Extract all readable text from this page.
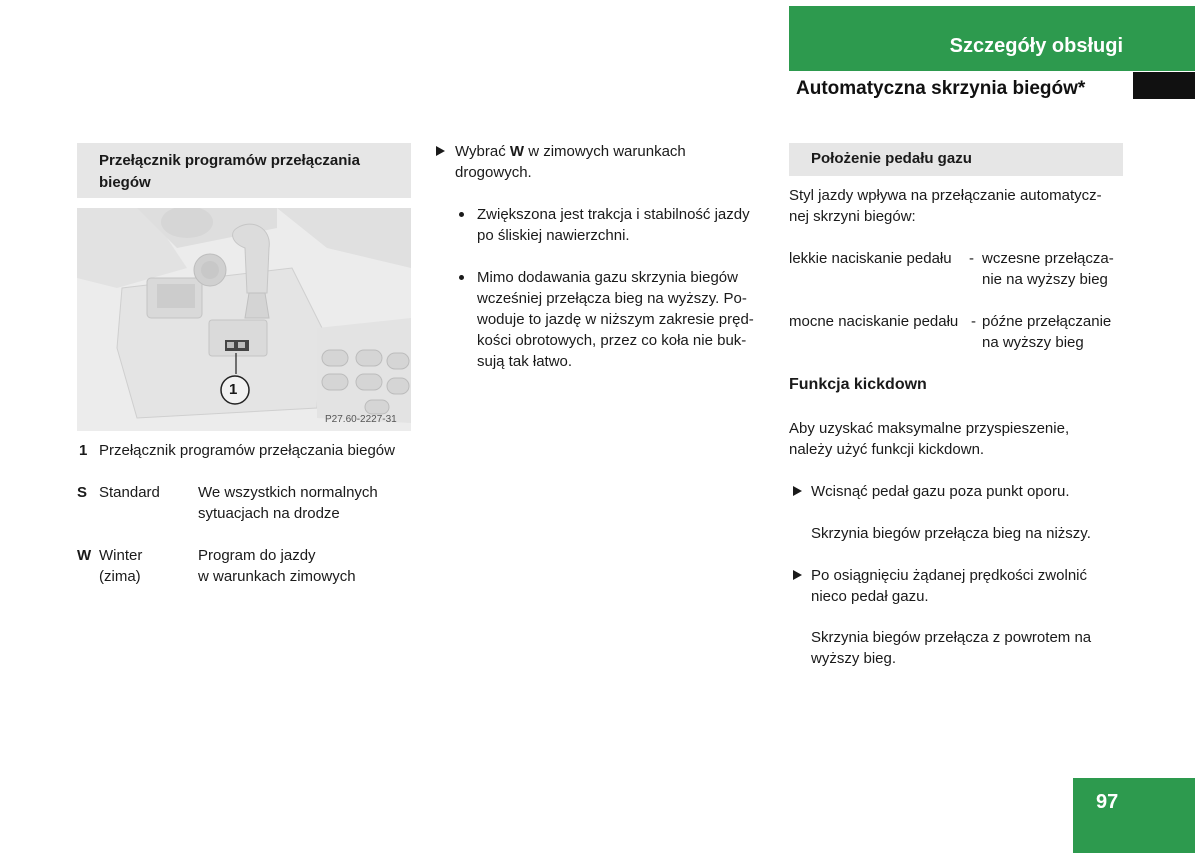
Szczegóły obsługi
Automatyczna skrzynia biegów*
Przełącznik programów przełączania
biegów
1
P27.60-2227-31
1 Przełącznik programów przełączania biegów
S Standard	We wszystkich normalnych
sytuacjach na drodze
W Winter
(zima)
Program do jazdy
w warunkach zimowych
Wybrać W w zimowych warunkach
drogowych.
Zwiększona jest trakcja i stabilność jazdy
po śliskiej nawierzchni.
Mimo dodawania gazu skrzynia biegów
wcześniej przełącza bieg na wyższy. Po-
woduje to jazdę w niższym zakresie pręd-
kości obrotowych, przez co koła nie buk-
sują tak łatwo.
Położenie pedału gazu
Styl jazdy wpływa na przełączanie automatycz-
nej skrzyni biegów:
lekkie naciskanie pedału - wczesne przełącza-
nie na wyższy bieg
mocne naciskanie pedału - późne przełączanie
na wyższy bieg
Funkcja kickdown
Aby uzyskać maksymalne przyspieszenie,
należy użyć funkcji kickdown.
Wcisnąć pedał gazu poza punkt oporu.
Skrzynia biegów przełącza bieg na niższy.
Po osiągnięciu żądanej prędkości zwolnić
nieco pedał gazu.
Skrzynia biegów przełącza z powrotem na
wyższy bieg.
97
